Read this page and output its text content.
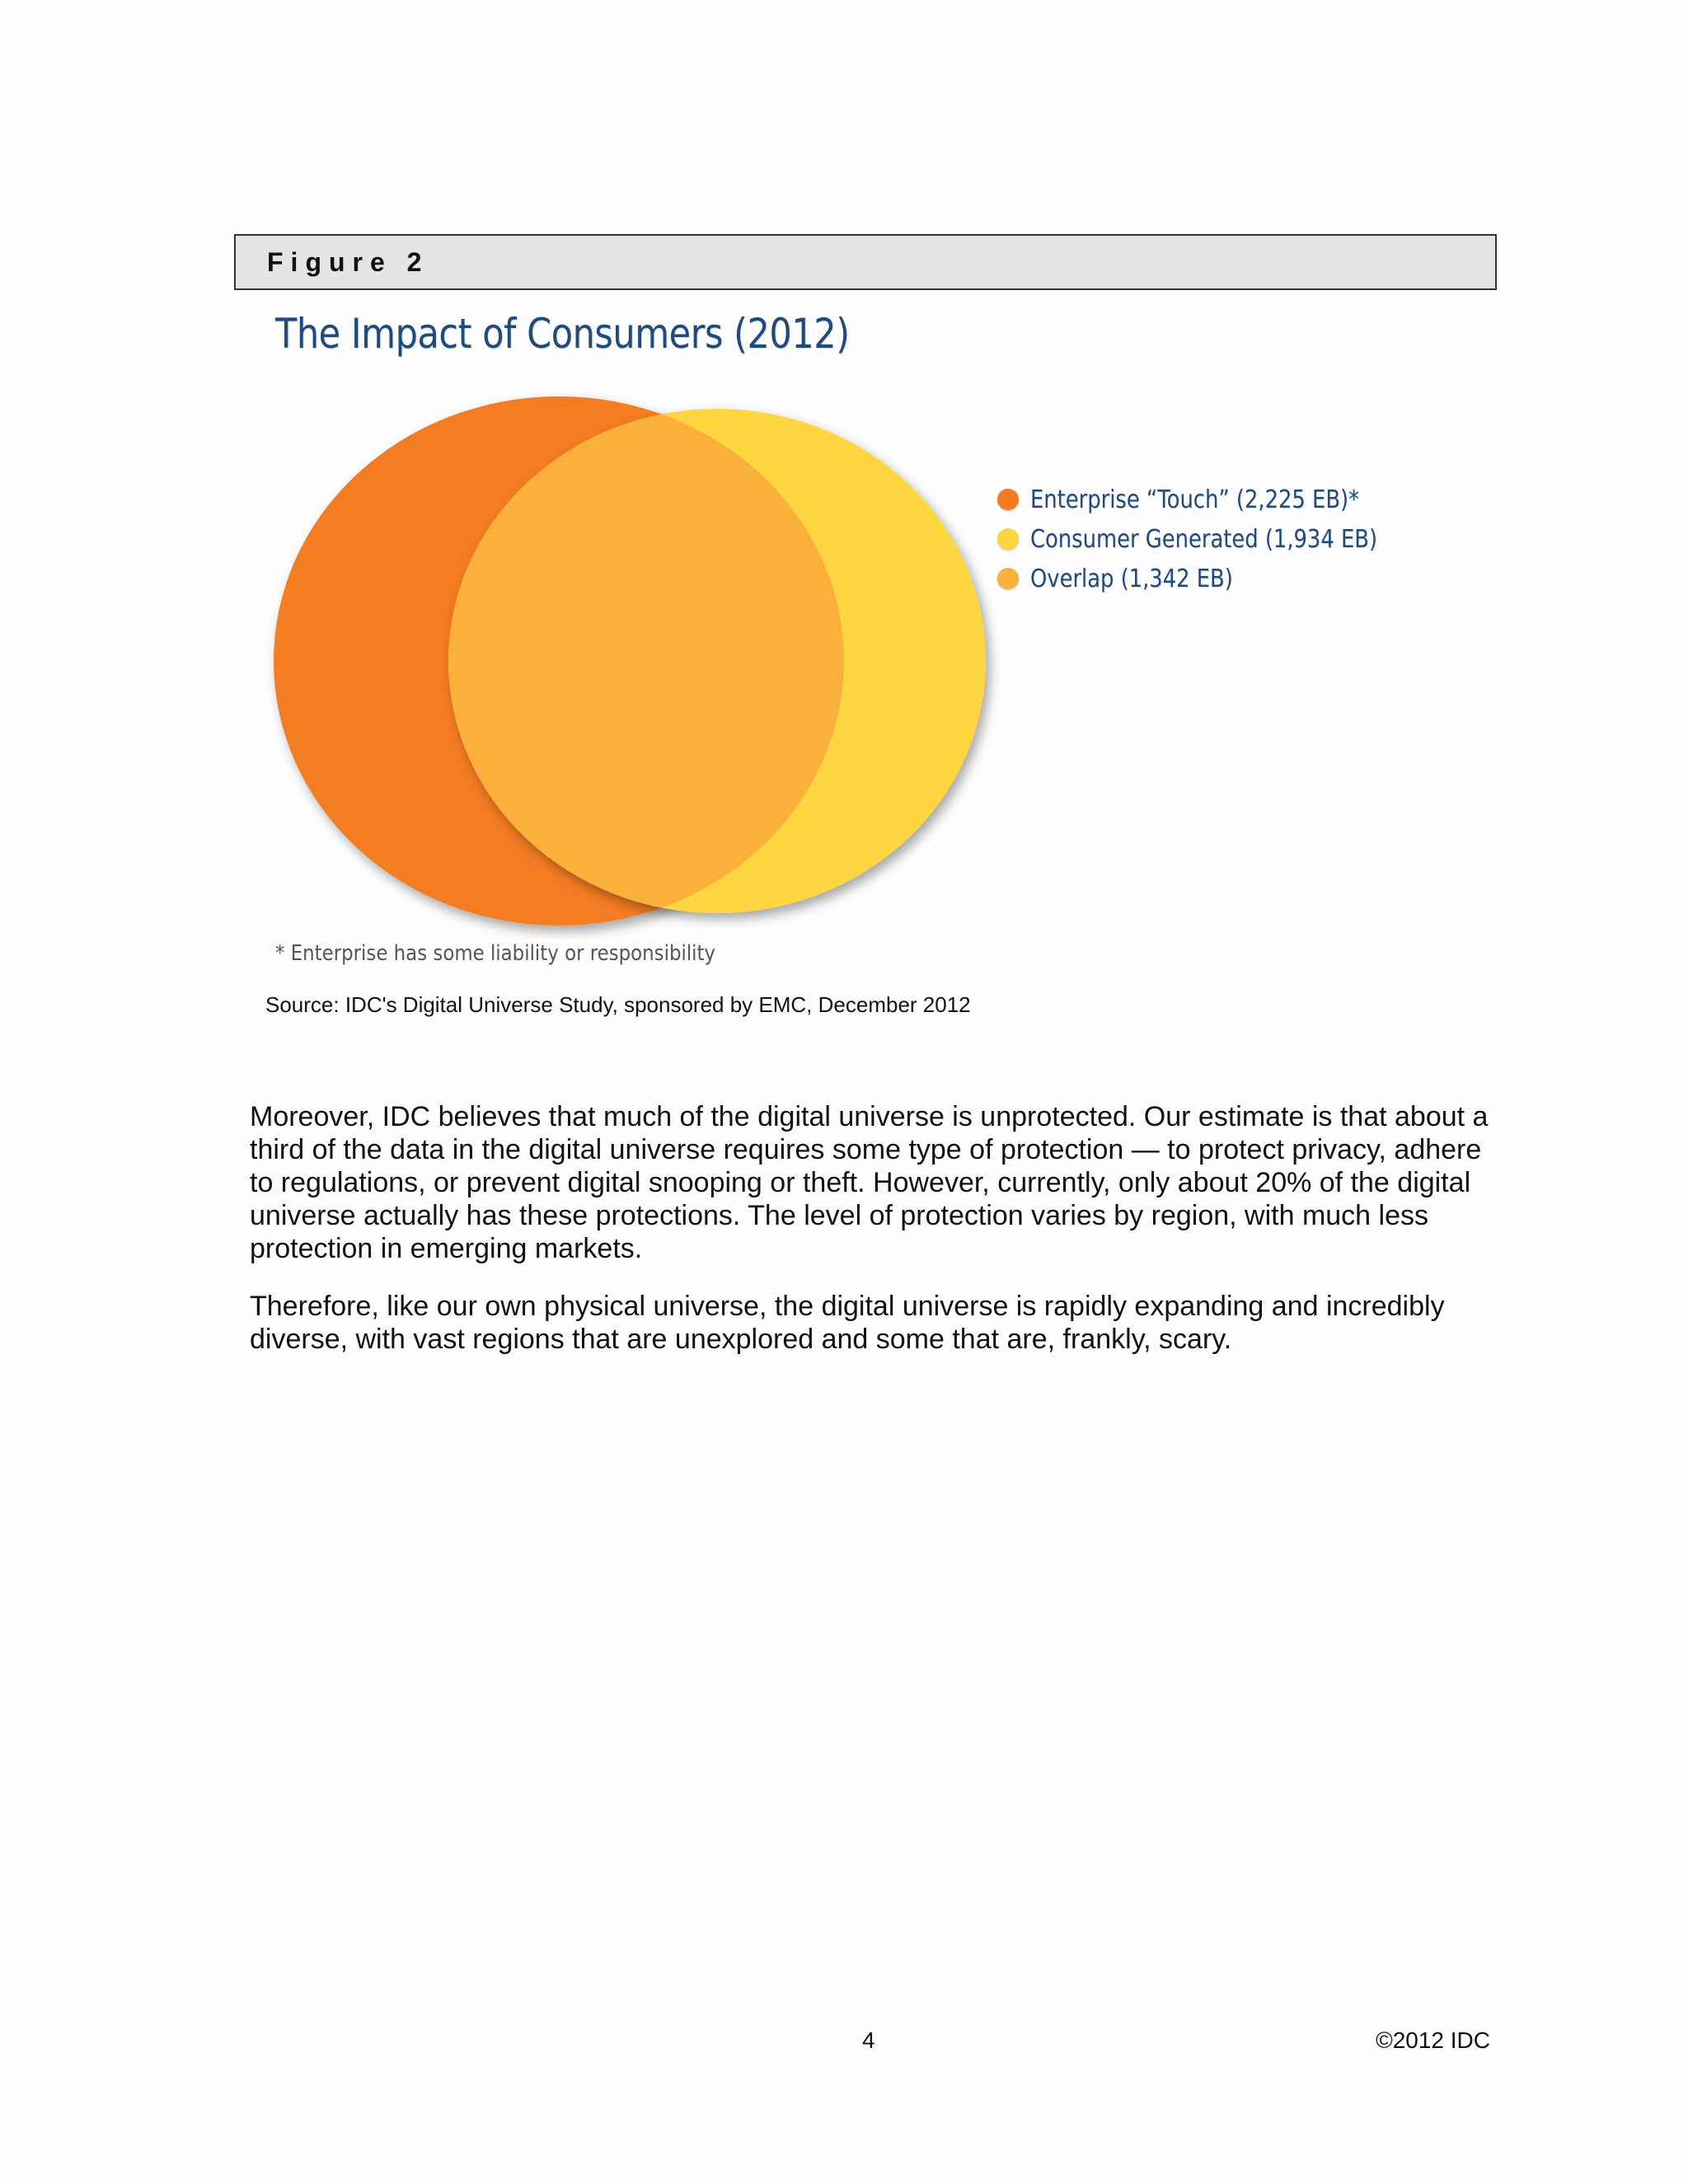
Figure 2
The Impact of Consumers (2012)
Enterprise “Touch” (2,225 EB)*
Consumer Generated (1,934 EB)
Overlap (1,342 EB)
* Enterprise has some liability or responsibility
Source: IDC's Digital Universe Study, sponsored by EMC, December 2012

Moreover, IDC believes that much of the digital universe is unprotected. Our estimate is that about a third of the data in the digital universe requires some type of protection — to protect privacy, adhere to regulations, or prevent digital snooping or theft. However, currently, only about 20% of the digital universe actually has these protections. The level of protection varies by region, with much less protection in emerging markets.

Therefore, like our own physical universe, the digital universe is rapidly expanding and incredibly diverse, with vast regions that are unexplored and some that are, frankly, scary.

4	©2012 IDC
